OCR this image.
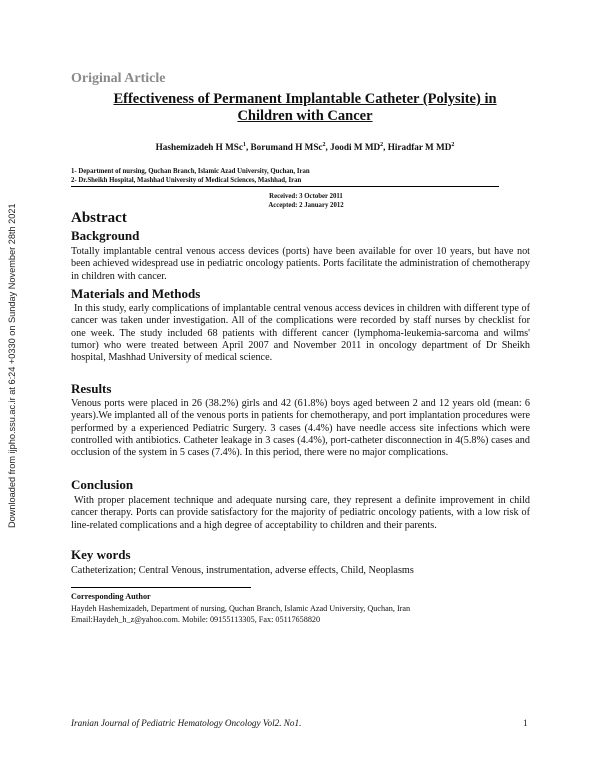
Downloaded from ijpho.ssu.ac.ir at 6:24 +0330 on Sunday November 28th 2021
Original Article
Effectiveness of Permanent Implantable Catheter (Polysite) in
Children with Cancer
Hashemizadeh H MSc$^1$, Borumand H MSc$^2$, Joodi M $MD^2$, Hiradfar M $MD^2$
1- Department of nursing, Quchan Branch, Islamic Azad University, Quchan, Iran
2- Dr.Sheikh Hospital, Mashhad University of Medical Sciences, Mashhad, Iran
Received: 3 October 2011
Accepted: 2 January 2012
Abstract
Background

Totally implantable central venous access devices (ports) have been available for over 10 years, but have not been achieved widespread use in pediatric oncology patients. Ports facilitate the administration of chemotherapy in children with cancer.

Materials and Methods

In this study, early complications of implantable central venous access devices in children with different type of cancer was taken under investigation. All of the complications were recorded by staff nurses by checklist for one week. The study included 68 patients with different cancer (lymphoma-leukemia-sarcoma and wilms' tumor) who were treated between April 2007 and November 2011 in oncology department of Dr Sheikh hospital, Mashhad University of medical science.

Results

Venous ports were placed in 26 (38.2%) girls and 42 (61.8%) boys aged between 2 and 12 years old (mean: 6 years).We implanted all of the venous ports in patients for chemotherapy, and port implantation procedures were performed by a experienced Pediatric Surgery. 3 cases (4.4%) have needle access site infections which were controlled with antibiotics. Catheter leakage in 3 cases (4.4%), port-catheter disconnection in 4(5.8%) cases and occlusion of the system in 5 cases (7.4%). In this period, there were no major complications.

Conclusion

With proper placement technique and adequate nursing care, they represent a definite improvement in child cancer therapy. Ports can provide satisfactory for the majority of pediatric oncology patients, with a low risk of line-related complications and a high degree of acceptability to children and their parents.

Key words

Catheterization; Central Venous, instrumentation, adverse effects, Child, Neoplasms

Corresponding Author
Haydeh Hashemizadeh, Department of nursing, Quchan Branch, Islamic Azad University, Quchan, Iran
Email:Haydeh_h_z@yahoo.com. Mobile: 09155113305, Fax: 05117658820
Iranian Journal of Pediatric Hematology Oncology Vol2. No1.	1
